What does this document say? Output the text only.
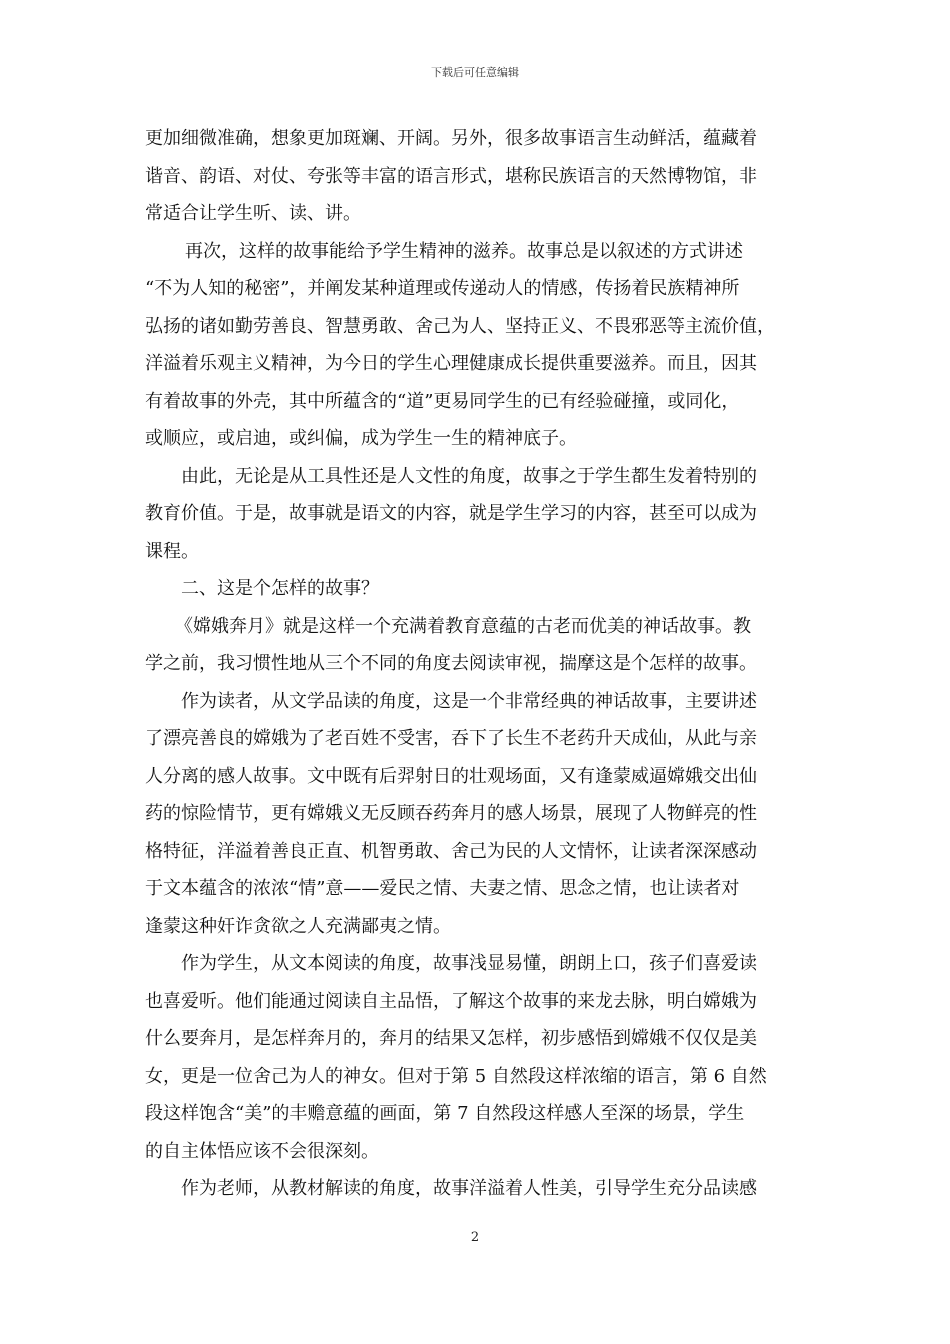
下载后可任意编辑
更加细微准确，想象更加斑斓、开阔。另外，很多故事语言生动鲜活，蕴藏着
谐音、韵语、对仗、夸张等丰富的语言形式，堪称民族语言的天然博物馆，非
常适合让学生听、读、讲。
再次，这样的故事能给予学生精神的滋养。故事总是以叙述的方式讲述
“不为人知的秘密”，并阐发某种道理或传递动人的情感，传扬着民族精神所
弘扬的诸如勤劳善良、智慧勇敢、舍己为人、坚持正义、不畏邪恶等主流价值，
洋溢着乐观主义精神，为今日的学生心理健康成长提供重要滋养。而且，因其
有着故事的外壳，其中所蕴含的“道”更易同学生的已有经验碰撞，或同化，
或顺应，或启迪，或纠偏，成为学生一生的精神底子。
由此，无论是从工具性还是人文性的角度，故事之于学生都生发着特别的
教育价值。于是，故事就是语文的内容，就是学生学习的内容，甚至可以成为
课程。
二、这是个怎样的故事？
《嫦娥奔月》就是这样一个充满着教育意蕴的古老而优美的神话故事。教
学之前，我习惯性地从三个不同的角度去阅读审视，揣摩这是个怎样的故事。
作为读者，从文学品读的角度，这是一个非常经典的神话故事，主要讲述
了漂亮善良的嫦娥为了老百姓不受害，吞下了长生不老药升天成仙，从此与亲
人分离的感人故事。文中既有后羿射日的壮观场面，又有逢蒙威逼嫦娥交出仙
药的惊险情节，更有嫦娥义无反顾吞药奔月的感人场景，展现了人物鲜亮的性
格特征，洋溢着善良正直、机智勇敢、舍己为民的人文情怀，让读者深深感动
于文本蕴含的浓浓“情”意——爱民之情、夫妻之情、思念之情，也让读者对
逢蒙这种奸诈贪欲之人充满鄙夷之情。
作为学生，从文本阅读的角度，故事浅显易懂，朗朗上口，孩子们喜爱读
也喜爱听。他们能通过阅读自主品悟，了解这个故事的来龙去脉，明白嫦娥为
什么要奔月，是怎样奔月的，奔月的结果又怎样，初步感悟到嫦娥不仅仅是美
女，更是一位舍己为人的神女。但对于第 5 自然段这样浓缩的语言，第 6 自然
段这样饱含“美”的丰赡意蕴的画面，第 7 自然段这样感人至深的场景，学生
的自主体悟应该不会很深刻。
作为老师，从教材解读的角度，故事洋溢着人性美，引导学生充分品读感
2
